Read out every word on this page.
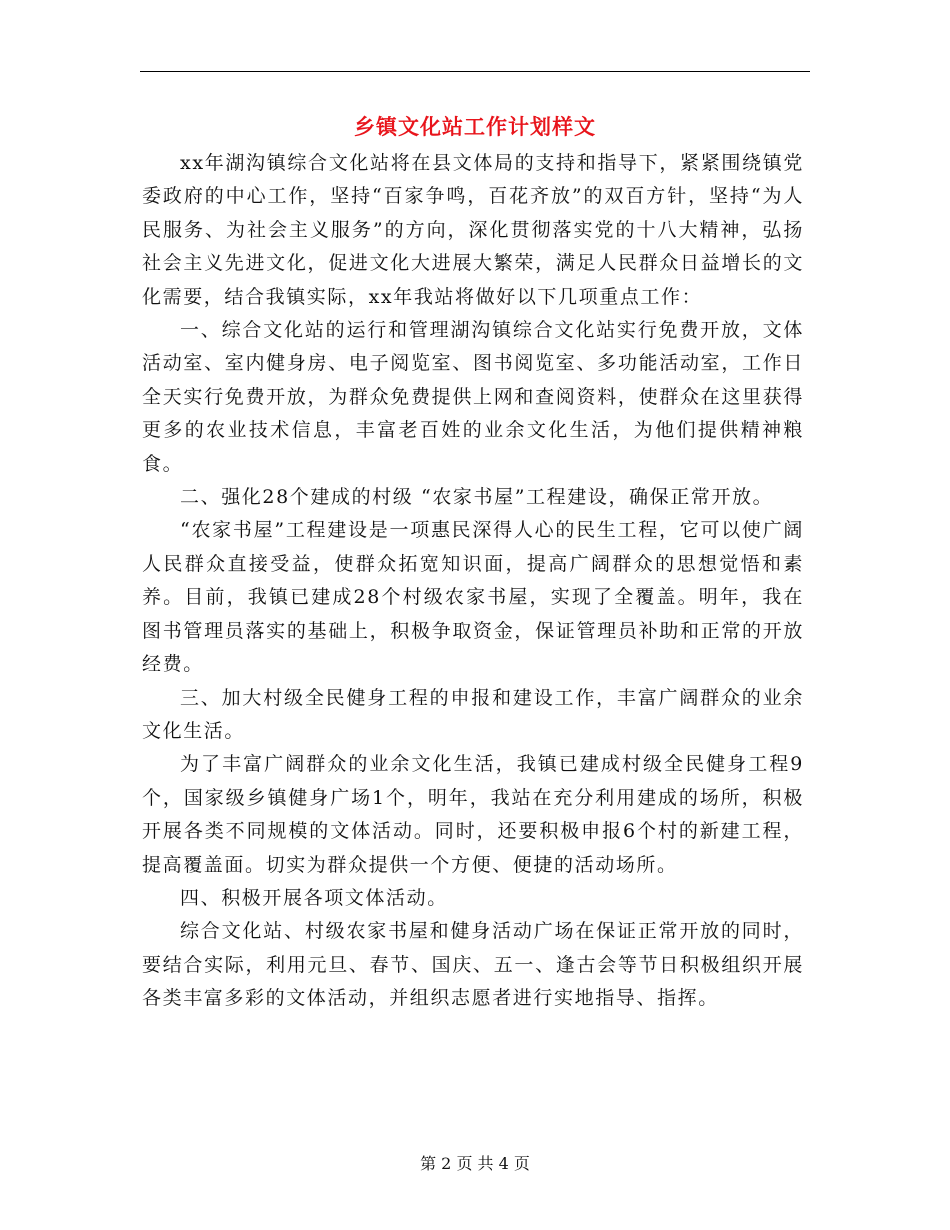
乡镇文化站工作计划样文

xx年湖沟镇综合文化站将在县文体局的支持和指导下，紧紧围绕镇党委政府的中心工作，坚持“百家争鸣，百花齐放”的双百方针，坚持“为人民服务、为社会主义服务”的方向，深化贯彻落实党的十八大精神，弘扬社会主义先进文化，促进文化大进展大繁荣，满足人民群众日益增长的文化需要，结合我镇实际，xx年我站将做好以下几项重点工作：

一、综合文化站的运行和管理湖沟镇综合文化站实行免费开放，文体活动室、室内健身房、电子阅览室、图书阅览室、多功能活动室，工作日全天实行免费开放，为群众免费提供上网和查阅资料，使群众在这里获得更多的农业技术信息，丰富老百姓的业余文化生活，为他们提供精神粮食。

二、强化28个建成的村级 “农家书屋”工程建设，确保正常开放。

“农家书屋”工程建设是一项惠民深得人心的民生工程，它可以使广阔人民群众直接受益，使群众拓宽知识面，提高广阔群众的思想觉悟和素养。目前，我镇已建成28个村级农家书屋，实现了全覆盖。明年，我在图书管理员落实的基础上，积极争取资金，保证管理员补助和正常的开放经费。

三、加大村级全民健身工程的申报和建设工作，丰富广阔群众的业余文化生活。

为了丰富广阔群众的业余文化生活，我镇已建成村级全民健身工程9个，国家级乡镇健身广场1个，明年，我站在充分利用建成的场所，积极开展各类不同规模的文体活动。同时，还要积极申报6个村的新建工程，提高覆盖面。切实为群众提供一个方便、便捷的活动场所。

四、积极开展各项文体活动。

综合文化站、村级农家书屋和健身活动广场在保证正常开放的同时，要结合实际，利用元旦、春节、国庆、五一、逢古会等节日积极组织开展各类丰富多彩的文体活动，并组织志愿者进行实地指导、指挥。

第 2 页 共 4 页
